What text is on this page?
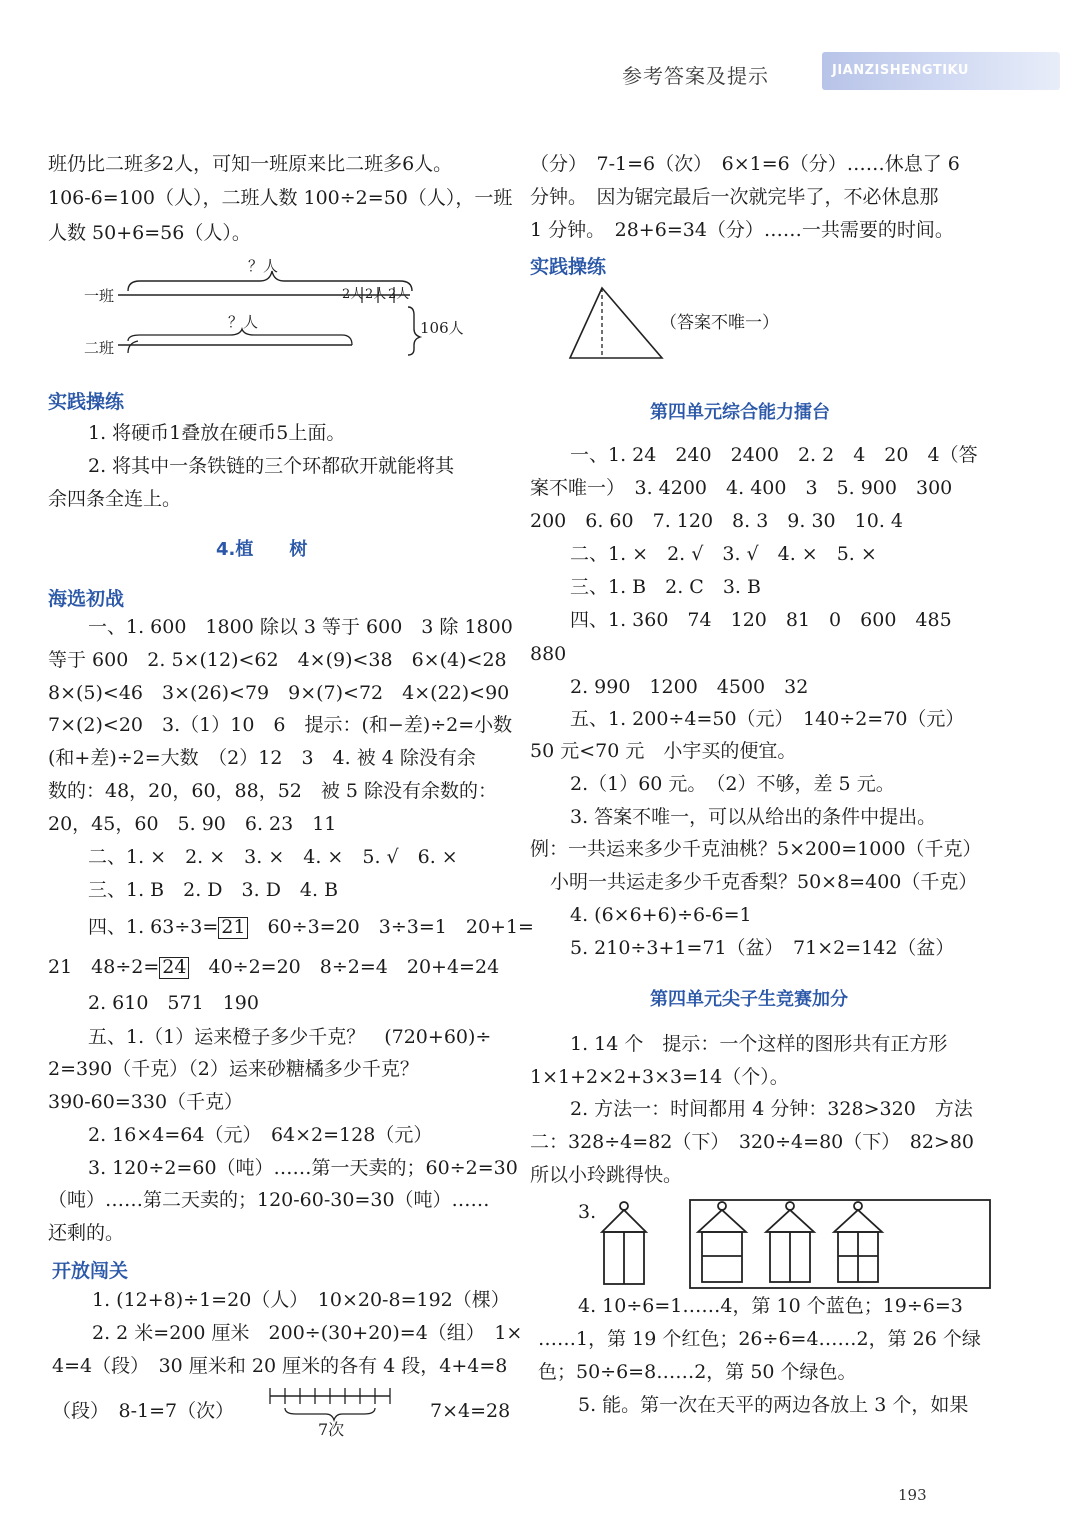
参考答案及提示	JIANZISHENGTIKU
班仍比二班多2人，可知一班原来比二班多6人。
106-6=100（人），二班人数 100÷2=50（人），一班
人数 50+6=56（人）。
？人
一班	2人 2人 2人
？人
二班
106人
实践操练
1. 将硬币1叠放在硬币5上面。
2. 将其中一条铁链的三个环都砍开就能将其
余四条全连上。
4.植　　树
海选初战
一、1. 600　1800 除以 3 等于 600　3 除 1800
等于 600　2. 5×(12)<62　4×(9)<38　6×(4)<28
8×(5)<46　3×(26)<79　9×(7)<72　4×(22)<90
7×(2)<20　3.（1）10　6　提示：(和−差)÷2=小数
(和+差)÷2=大数　（2）12　3　4. 被 4 除没有余
数的：48，20，60，88，52　被 5 除没有余数的：
20，45，60　5. 90　6. 23　11
二、1. ×　2. ×　3. ×　4. ×　5. √　6. ×
三、1. B　2. D　3. D　4. B
四、1. 63÷3= 21　60÷3=20　3÷3=1　20+1=
21　48÷2= 24　40÷2=20　8÷2=4　20+4=24
2. 610　571　190
五、1.（1）运来橙子多少千克？　(720+60)÷
2=390（千克）（2）运来砂糖橘多少千克？
390-60=330（千克）
2. 16×4=64（元）　64×2=128（元）
3. 120÷2=60（吨）……第一天卖的；60÷2=30
（吨）……第二天卖的；120-60-30=30（吨）……
还剩的。
开放闯关
1. (12+8)÷1=20（人）　10×20-8=192（棵）
2. 2 米=200 厘米　200÷(30+20)=4（组）　1×
4=4（段）　30 厘米和 20 厘米的各有 4 段，4+4=8
（段）　8-1=7（次）
7次
7×4=28
（分）　7-1=6（次）　6×1=6（分）……休息了 6
分钟。　因为锯完最后一次就完毕了，不必休息那
1 分钟。　28+6=34（分）……一共需要的时间。
实践操练
（答案不唯一）
第四单元综合能力擂台
一、1. 24　240　2400　2. 2　4　20　4（答
案不唯一）　3. 4200　4. 400　3　5. 900　300
200　6. 60　7. 120　8. 3　9. 30　10. 4
二、1. ×　2. √　3. √　4. ×　5. ×
三、1. B　2. C　3. B
四、1. 360　74　120　81　0　600　485
880
2. 990　1200　4500　32
五、1. 200÷4=50（元）　140÷2=70（元）
50 元<70 元　小宇买的便宜。
2.（1）60 元。　（2）不够，差 5 元。
3. 答案不唯一，可以从给出的条件中提出。
例：一共运来多少千克油桃？5×200=1000（千克）
小明一共运走多少千克香梨？50×8=400（千克）
4. (6×6+6)÷6-6=1
5. 210÷3+1=71（盆）　71×2=142（盆）
第四单元尖子生竞赛加分
1. 14 个　提示：一个这样的图形共有正方形
1×1+2×2+3×3=14（个）。
2. 方法一：时间都用 4 分钟：328>320　方法
二：328÷4=82（下）　320÷4=80（下）　82>80
所以小玲跳得快。
3.
4. 10÷6=1……4，第 10 个蓝色；19÷6=3
……1，第 19 个红色；26÷6=4……2，第 26 个绿
色；50÷6=8……2，第 50 个绿色。
5. 能。第一次在天平的两边各放上 3 个，如果
193
